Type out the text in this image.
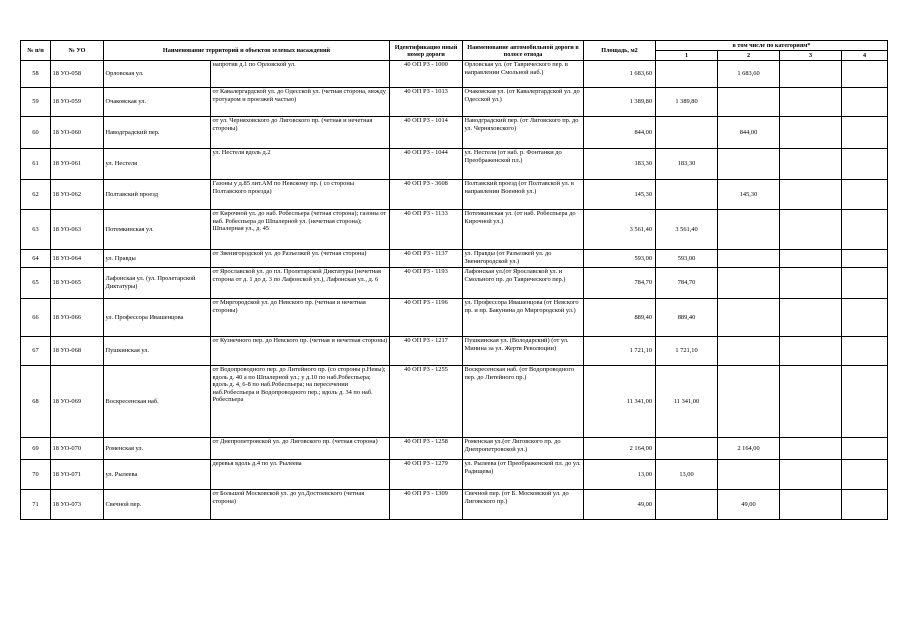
№ п/п	№ УО	Наименование территорий и объектов зеленых насаждений		Идентификацио нный номер дороги	Наименование автомобильной дороги в полосе отвода	Площадь, м2	в том числе по категориям*			
							1	2	3	4
58	18 УО-058	Орловская ул.	напротив д.1 по Орловской ул.	40 ОП РЗ - 1000	Орловская ул. (от Таврического пер. в направлении Смольной наб.)	1 683,60		1 683,60		
59	18 УО-059	Очаковская ул.	от Кавалергардской ул. до Одесской ул. (четная сторона, между тротуаром и проезжей частью)	40 ОП РЗ - 1013	Очаковская ул. (от Кавалергардской ул. до Одесской ул.)	1 389,80	1 389,80			
60	18 УО-060	Наводградский пер.	от ул. Черняховского до Лиговского пр. (четная и нечетная стороны)	40 ОП РЗ - 1014	Наводградский пер. (от Лиговского пр. до ул. Черняховского)	844,00		844,00		
61	18 УО-061	ул. Нестеля	ул. Нестеля вдоль д.2	40 ОП РЗ - 1044	ул. Нестеля (от наб. р. Фонтанки до Преображенской пл.)	183,30	183,30			
62	18 УО-062	Полтавский проезд	Газоны у д.85 лит.АМ по Невскому пр. ( со стороны Полтавского проезда)	40 ОП РЗ - 3608	Полтавский проезд (от Полтавской ул. в направлении Военной ул.)	145,30		145,30		
63	18 УО-063	Потемкинская ул.	от Кирочной ул. до наб. Робеспьера (четная сторона); газоны от наб. Робеспьера до Шпалерной ул. (нечетная сторона); Шпалерная ул., д. 45	40 ОП РЗ - 1133	Потемкинская ул. (от наб. Робеспьера до Кирочной ул.)	3 561,40	3 561,40			
64	18 УО-064	ул. Правды	от Звенигородской ул. до Разъезжей ул. (четная сторона)	40 ОП РЗ - 1137	ул. Правды (от Разъезжей ул. до Звенигородской ул.)	593,00	593,00			
65	18 УО-065	Лафонская ул. (ул. Пролетарской Диктатуры)	от Ярославской ул. до пл. Пролетарской Диктатуры (нечетная сторона от д. 1 до д. 3 по Лафонской ул.), Лафонская ул., д. 6	40 ОП РЗ - 1193	Лафонская ул.(от Ярославской ул. и Смольного пр. до Таврического пер.)	784,70	784,70			
66	18 УО-066	ул. Профессора Ивашенцова	от Миргородской ул. до Невского пр. (четная и нечетная стороны)	40 ОП РЗ - 1196	ул. Профессора Ивашенцова (от Невского пр. и пр. Бакунина до Миргородской ул.)	889,40	889,40			
67	18 УО-068	Пушкинская ул.	от Кузнечного пер. до Невского пр. (четная и нечетная стороны)	40 ОП РЗ - 1217	Пушкинская ул. (Володарский) (от ул. Минина за ул. Жертв Революции)	1 721,10	1 721,10			
68	18 УО-069	Воскресенская наб.	от Водопроводного пер. до Литейного пр. (со стороны р.Невы); вдоль д. 40 а по Шпалерной ул.; у д.10 по наб.Робеспьера; вдоль д. 4, 6-8 по наб.Робеспьера; на пересечении наб.Робеспьера и Водопроводного пер.; вдоль д. 34 по наб. Робеспьера	40 ОП РЗ - 1255	Воскресенская наб. (от Водопроводного пер. до Литейного пр.)	11 341,00	11 341,00			
69	18 УО-070	Роменская ул.	от Днепропетровской ул. до Лиговского пр. (четная сторона)	40 ОП РЗ - 1258	Роменская ул.(от Лиговского пр. до Днепропетровской ул.)	2 164,00		2 164,00		
70	18 УО-071	ул. Рылеева	деревья вдоль д.4 по ул. Рылеева	40 ОП РЗ - 1279	ул. Рылеева (от Преображенской пл. до ул. Радищева)	13,00	13,00			
71	18 УО-073	Свечной пер.	от Большой Московской ул. до ул.Достоевского (четная сторона)	40 ОП РЗ - 1309	Свечной пер. (от Б. Московской ул. до Лиговского пр.)	49,00		49,00		
